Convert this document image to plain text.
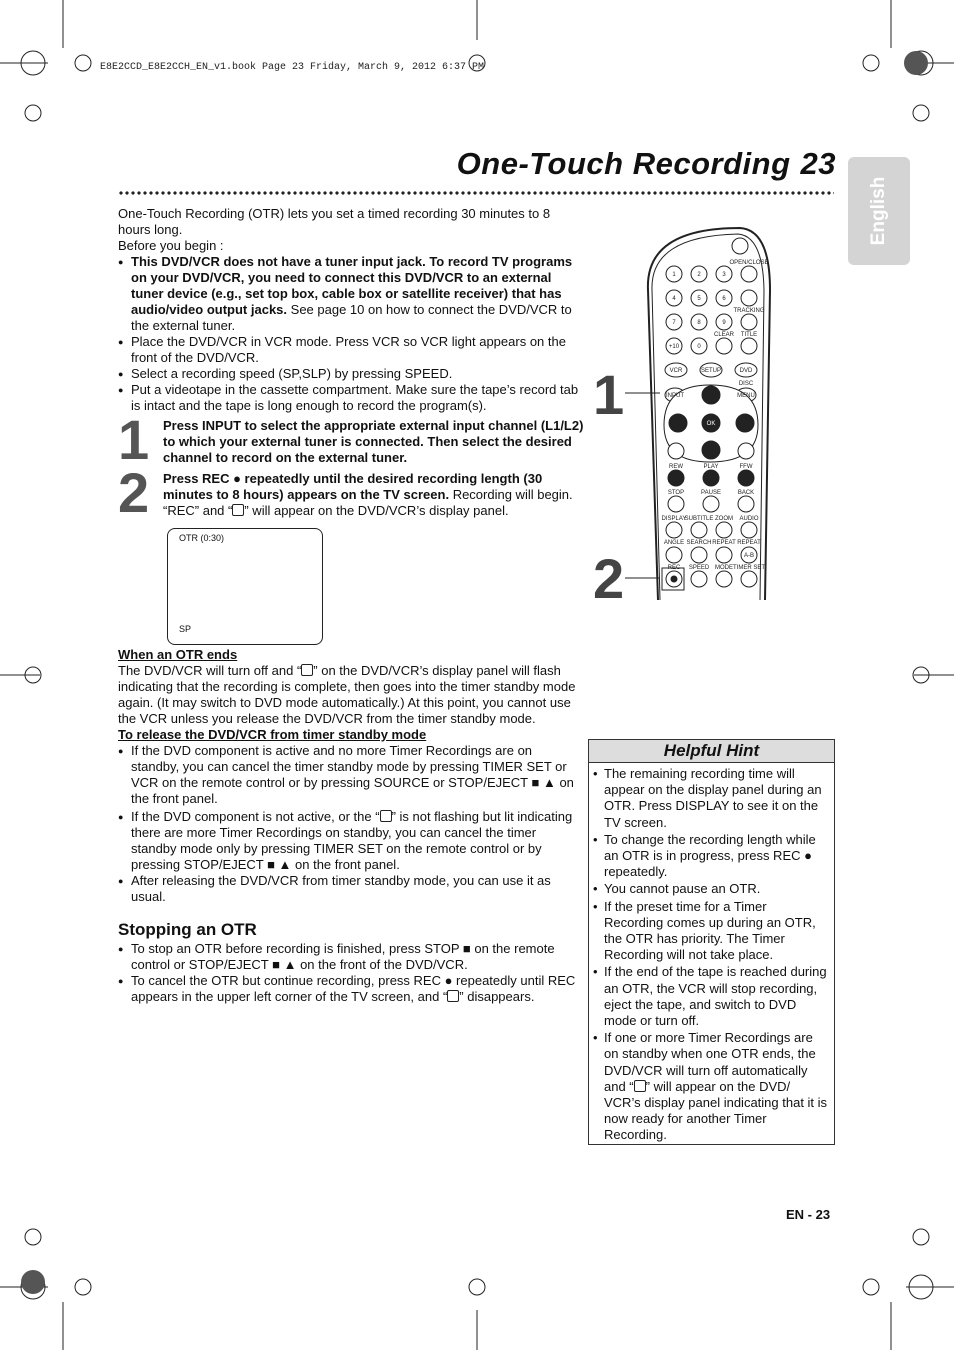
E8E2CCD_E8E2CCH_EN_v1.book Page 23 Friday, March 9, 2012 6:37 PM
One-Touch Recording 23
English

One-Touch Recording (OTR) lets you set a timed recording 30 minutes to 8 hours long.

Before you begin :

● This DVD/VCR does not have a tuner input jack. To record TV programs on your DVD/VCR, you need to connect this DVD/VCR to an external tuner device (e.g., set top box, cable box or satellite receiver) that has audio/video output jacks. See page 10 on how to connect the DVD/VCR to the external tuner.
● Place the DVD/VCR in VCR mode. Press VCR so VCR light appears on the front of the DVD/VCR.
● Select a recording speed (SP,SLP) by pressing SPEED.
● Put a videotape in the cassette compartment. Make sure the tape’s record tab is intact and the tape is long enough to record the program(s).
1 Press INPUT to select the appropriate external input channel (L1/L2) to which your external tuner is connected. Then select the desired channel to record on the external tuner.
2 Press REC ● repeatedly until the desired recording length (30 minutes to 8 hours) appears on the TV screen. Recording will begin. “REC” and “ ” will appear on the DVD/VCR’s display panel.
OTR (0:30)
SP

When an OTR ends

The DVD/VCR will turn off and “ ” on the DVD/VCR’s display panel will flash indicating that the recording is complete, then goes into the timer standby mode again. (It may switch to DVD mode automatically.) At this point, you cannot use the VCR unless you release the DVD/VCR from the timer standby mode.

To release the DVD/VCR from timer standby mode

● If the DVD component is active and no more Timer Recordings are on standby, you can cancel the timer standby mode by pressing TIMER SET or VCR on the remote control or by pressing SOURCE or STOP/EJECT ■ ▲ on the front panel.
● If the DVD component is not active, or the “ ” is not flashing but lit indicating there are more Timer Recordings on standby, you can cancel the timer standby mode only by pressing TIMER SET on the remote control or by pressing STOP/EJECT ■ ▲ on the front panel.
● After releasing the DVD/VCR from timer standby mode, you can use it as usual.

Stopping an OTR

● To stop an OTR before recording is finished, press STOP ■ on the remote control or STOP/EJECT ■ ▲ on the front of the DVD/VCR.
● To cancel the OTR but continue recording, press REC ● repeatedly until REC appears in the upper left corner of the TV screen, and “ ” disappears.
1
2
OPEN/CLOSE
1	2	3
4	5	6
TRACKING
7	8	9
CLEAR TITLE
+10	0
VCR	SETUP	DVD
DISC
INPUT	MENU
OK
REW	PLAY	FFW
STOP	PAUSE	BACK
DISPLAY
SUBTITLE ZOOM AUDIO
ANGLE SEARCH REPEAT REPEAT
A-B
REC SPEED MODE TIMER SET
Helpful Hint
• The remaining recording time will appear on the display panel during an OTR. Press DISPLAY to see it on the TV screen.
• To change the recording length while an OTR is in progress, press REC ● repeatedly.
• You cannot pause an OTR.
• If the preset time for a Timer Recording comes up during an OTR, the OTR has priority. The Timer Recording will not take place.
• If the end of the tape is reached during an OTR, the VCR will stop recording, eject the tape, and switch to DVD mode or turn off.
• If one or more Timer Recordings are on standby when one OTR ends, the DVD/VCR will turn off automatically and “ ” will appear on the DVD/ VCR’s display panel indicating that it is now ready for another Timer Recording.
EN - 23
